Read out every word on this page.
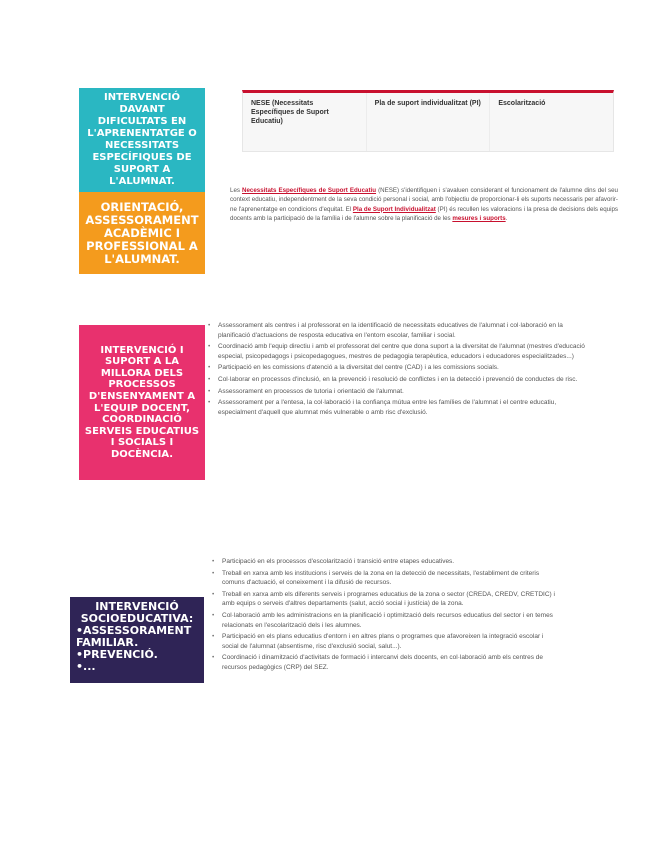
INTERVENCIÓ DAVANT DIFICULTATS EN L'APRENENTATGE O NECESSITATS ESPECÍFIQUES DE SUPORT A L'ALUMNAT.
ORIENTACIÓ, ASSESSORAMENT ACADÈMIC I PROFESSIONAL A L'ALUMNAT.
NESE (Necessitats Específiques de Suport Educatiu)
Pla de suport individualitzat (PI)	Escolarització

Les Necessitats Específiques de Suport Educatiu (NESE) s'identifiquen i s'avaluen considerant el funcionament de l'alumne dins del seu context educatiu, independentment de la seva condició personal i social, amb l'objectiu de proporcionar-li els suports necessaris per afavorir-ne l'aprenentatge en condicions d'equitat. El Pla de Suport Individualitzat (PI) és recullen les valoracions i la presa de decisions dels equips docents amb la participació de la família i de l'alumne sobre la planificació de les mesures i suports.

INTERVENCIÓ I SUPORT A LA MILLORA DELS PROCESSOS D'ENSENYAMENT A L'EQUIP DOCENT, COORDINACIÓ SERVEIS EDUCATIUS I SOCIALS I DOCÈNCIA.
• Assessorament als centres i al professorat en la identificació de necessitats educatives de l'alumnat i col·laboració en la planificació d'actuacions de resposta educativa en l'entorn escolar, familiar i social.
• Coordinació amb l'equip directiu i amb el professorat del centre que dona suport a la diversitat de l'alumnat (mestres d'educació especial, psicopedagogs i psicopedagogues, mestres de pedagogia terapèutica, educadors i educadores especialitzades...)
• Participació en les comissions d'atenció a la diversitat del centre (CAD) i a les comissions socials.
• Col·laborar en processos d'inclusió, en la prevenció i resolució de conflictes i en la detecció i prevenció de conductes de risc.
• Assessorament en processos de tutoria i orientació de l'alumnat.
• Assessorament per a l'entesa, la col·laboració i la confiança mútua entre les famílies de l'alumnat i el centre educatiu, especialment d'aquell que alumnat més vulnerable o amb risc d'exclusió.
• Participació en els processos d'escolarització i transició entre etapes educatives.
• Treball en xarxa amb les institucions i serveis de la zona en la detecció de necessitats, l'establiment de criteris comuns d'actuació, el coneixement i la difusió de recursos.
• Treball en xarxa amb els diferents serveis i programes educatius de la zona o sector (CREDA, CREDV, CRETDIC) i amb equips o serveis d'altres departaments (salut, acció social i justícia) de la zona.
• Col·laboració amb les administracions en la planificació i optimització dels recursos educatius del sector i en temes relacionats en l'escolarització dels i les alumnes.
• Participació en els plans educatius d'entorn i en altres plans o programes que afavoreixen la integració escolar i social de l'alumnat (absentisme, risc d'exclusió social, salut...).
• Coordinació i dinamització d'activitats de formació i intercanvi dels docents, en col·laboració amb els centres de recursos pedagògics (CRP) del SEZ.
INTERVENCIÓ SOCIOEDUCATIVA:
• ASSESSORAMENT FAMILIAR.
• PREVENCIÓ.
• ...
